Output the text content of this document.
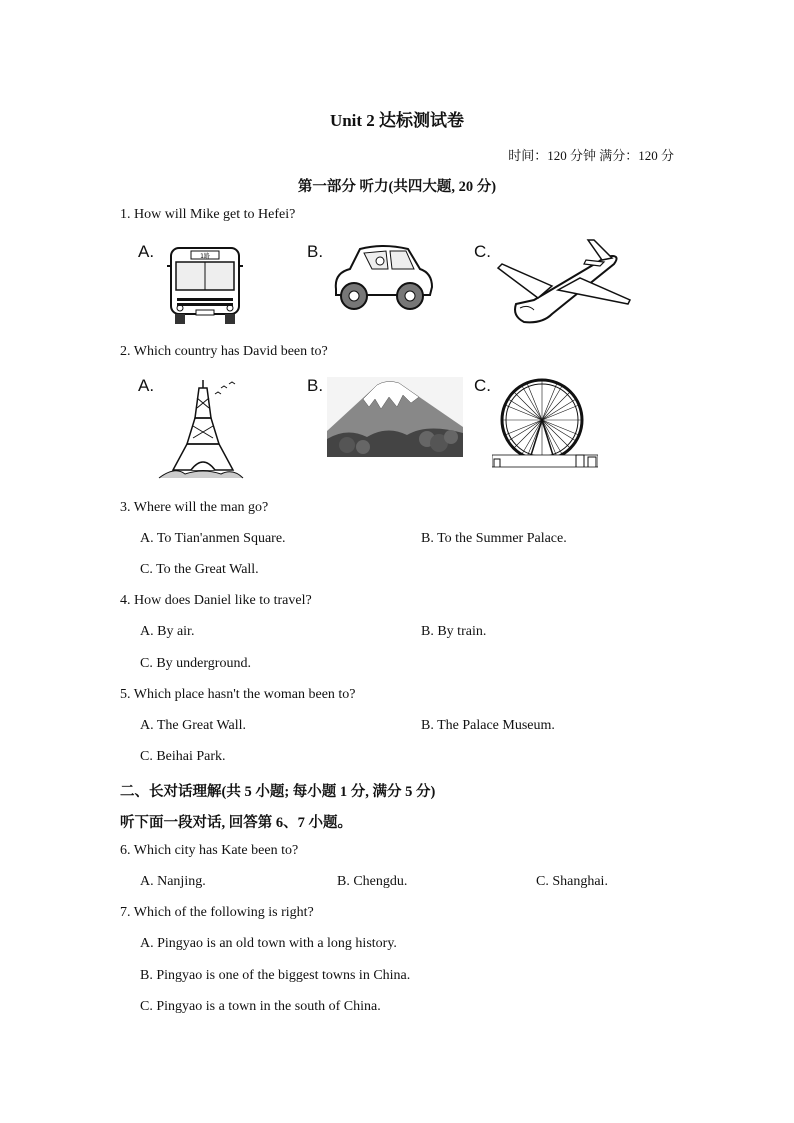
Unit 2 达标测试卷
时间：120 分钟 满分：120 分
第一部分 听力(共四大题, 20 分)
1. How will Mike get to Hefei?
A.	B.	C.
1路
2. Which country has David been to?
A.	B.	C.
3. Where will the man go?
A. To Tian'anmen Square.	B. To the Summer Palace.
C. To the Great Wall.
4. How does Daniel like to travel?
A. By air.	B. By train.
C. By underground.
5. Which place hasn't the woman been to?
A. The Great Wall.	B. The Palace Museum.
C. Beihai Park.
二、长对话理解(共 5 小题; 每小题 1 分, 满分 5 分)
听下面一段对话, 回答第 6、7 小题。
6. Which city has Kate been to?
A. Nanjing.	B. Chengdu.	C. Shanghai.
7. Which of the following is right?
A. Pingyao is an old town with a long history.
B. Pingyao is one of the biggest towns in China.
C. Pingyao is a town in the south of China.
